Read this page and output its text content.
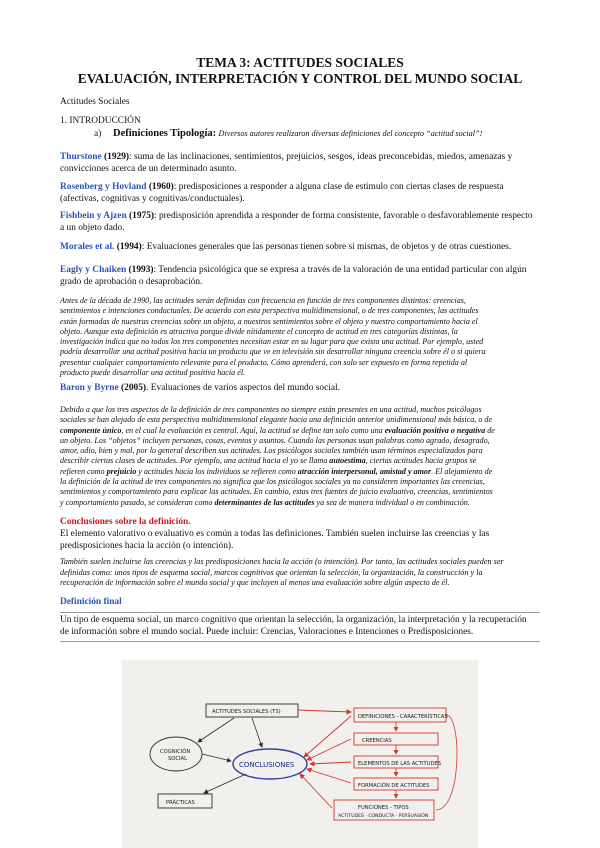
TEMA 3: ACTITUDES SOCIALES
EVALUACIÓN, INTERPRETACIÓN Y CONTROL DEL MUNDO SOCIAL
Actitudes Sociales
1. INTRODUCCIÓN
a) Definiciones Tipología: Diversos autores realizaron diversas definiciones del concepto “actitud social”!

Thurstone (1929): suma de las inclinaciones, sentimientos, prejuicios, sesgos, ideas preconcebidas, miedos, amenazas y
convicciones acerca de un determinado asunto.

Rosenberg y Hovland (1960): predisposiciones a responder a alguna clase de estímulo con ciertas clases de respuesta
(afectivas, cognitivas y cognitivas/conductuales).

Fishbein y Ajzen (1975): predisposición aprendida a responder de forma consistente, favorable o desfavorablemente respecto
a un objeto dado.

Morales et al. (1994): Evaluaciones generales que las personas tienen sobre sí mismas, de objetos y de otras cuestiones.

Eagly y Chaiken (1993): Tendencia psicológica que se expresa a través de la valoración de una entidad particular con algún
grado de aprobación o desaprobación.

Antes de la década de 1990, las actitudes serán definidas con frecuencia en función de tres componentes distintos: creencias,
sentimientos e intenciones conductuales. De acuerdo con esta perspectiva multidimensional, o de tres componentes, las actitudes
están formadas de nuestras creencias sobre un objeto, a nuestros sentimientos sobre el objeto y nuestro comportamiento hacia el
objeto. Aunque esta definición es atractiva porque divide nítidamente el concepto de actitud en tres categorías distintas, la
investigación indica que no todos los tres componentes necesitan estar en su lugar para que exista una actitud. Por ejemplo, usted
podría desarrollar una actitud positiva hacia un producto que ve en televisión sin desarrollar ninguna creencia sobre él o si quiera
presentar cualquier comportamiento relevante para el producto. Cómo aprenderá, con solo ser expuesto en forma repetida al
producto puede desarrollar una actitud positiva hacia él.

Baron y Byrne (2005). Evaluaciones de varios aspectos del mundo social.

Debido a que los tres aspectos de la definición de tres componentes no siempre están presentes en una actitud, muchos psicólogos
sociales se han alejado de esta perspectiva multidimensional elegante hacia una definición anterior unidimensional más básica, o de
componente único, en el cual la evaluación es central. Aquí, la actitud se define tan solo como una evaluación positiva o negativa de
un objeto. Los “objetos” incluyen personas, cosas, eventos y asuntos. Cuando las personas usan palabras como agrado, desagrado,
amor, odio, bien y mal, por lo general describen sus actitudes. Los psicólogos sociales también usan términos especializados para
describir ciertas clases de actitudes. Por ejemplo, una actitud hacia el yo se llama autoestima, ciertas actitudes hacia grupos se
refieren como prejuicio y actitudes hacia los individuos se refieren como atracción interpersonal, amistad y amor. El alejamiento de
la definición de la actitud de tres componentes no significa que los psicólogos sociales ya no consideren importantes las creencias,
sentimientos y comportamiento para explicar las actitudes. En cambio, estas tres fuentes de juicio evaluativo, creencias, sentimientos
y comportamiento pasado, se consideran como determinantes de las actitudes ya sea de manera individual o en combinación.

Conclusiones sobre la definición.

El elemento valorativo o evaluativo es común a todas las definiciones. También suelen incluirse las creencias y las
predisposiciones hacia la acción (o intención).

También suelen incluirse las creencias y las predisposiciones hacia la acción (o intención). Por tanto, las actitudes sociales pueden ser
definidas como: unos tipos de esquema social, marcos cognitivos que orientan la selección, la organización, la construcción y la
recuperación de información sobre el mundo social y que incluyen al menos una evaluación sobre algún aspecto de él.

Definición final

Un tipo de esquema social, un marco cognitivo que orientan la selección, la organización, la interpretación y la recuperación
de información sobre el mundo social. Puede incluir: Crencias, Valoraciones e Intenciones o Predisposiciones.

ACTITUDES SOCIALES (TS)
COGNICIÓN
SOCIAL
CONCLUSIONES
PRÁCTICAS
DEFINICIONES - CARACTERÍSTICAS
CREENCIAS
ELEMENTOS DE LAS ACTITUDES
FORMACIÓN DE ACTITUDES
FUNCIONES - TIPOS
ACTITUDES · CONDUCTA · PERSUASIÓN
